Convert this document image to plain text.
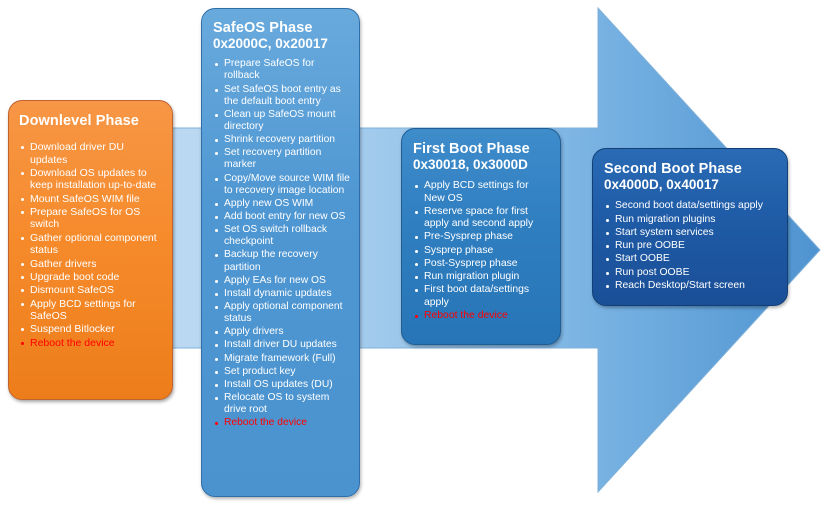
Downlevel Phase
Download driver DU updates
Download OS updates to keep installation up-to-date
Mount SafeOS WIM file
Prepare SafeOS for OS switch
Gather optional component status
Gather drivers
Upgrade boot code
Dismount SafeOS
Apply BCD settings for SafeOS
Suspend Bitlocker
Reboot the device
SafeOS Phase
0x2000C, 0x20017
Prepare SafeOS for rollback
Set SafeOS boot entry as the default boot entry
Clean up SafeOS mount directory
Shrink recovery partition
Set recovery partition marker
Copy/Move source WIM file to recovery image location
Apply new OS WIM
Add boot entry for new OS
Set OS switch rollback checkpoint
Backup the recovery partition
Apply EAs for new OS
Install dynamic updates
Apply optional component status
Apply drivers
Install driver DU updates
Migrate framework (Full)
Set product key
Install OS updates (DU)
Relocate OS to system drive root
Reboot the device
First Boot Phase
0x30018, 0x3000D
Apply BCD settings for New OS
Reserve space for first apply and second apply
Pre-Sysprep phase
Sysprep phase
Post-Sysprep phase
Run migration plugin
First boot data/settings apply
Reboot the device
Second Boot Phase
0x4000D, 0x40017
Second boot data/settings apply
Run migration plugins
Start system services
Run pre OOBE
Start OOBE
Run post OOBE
Reach Desktop/Start screen
